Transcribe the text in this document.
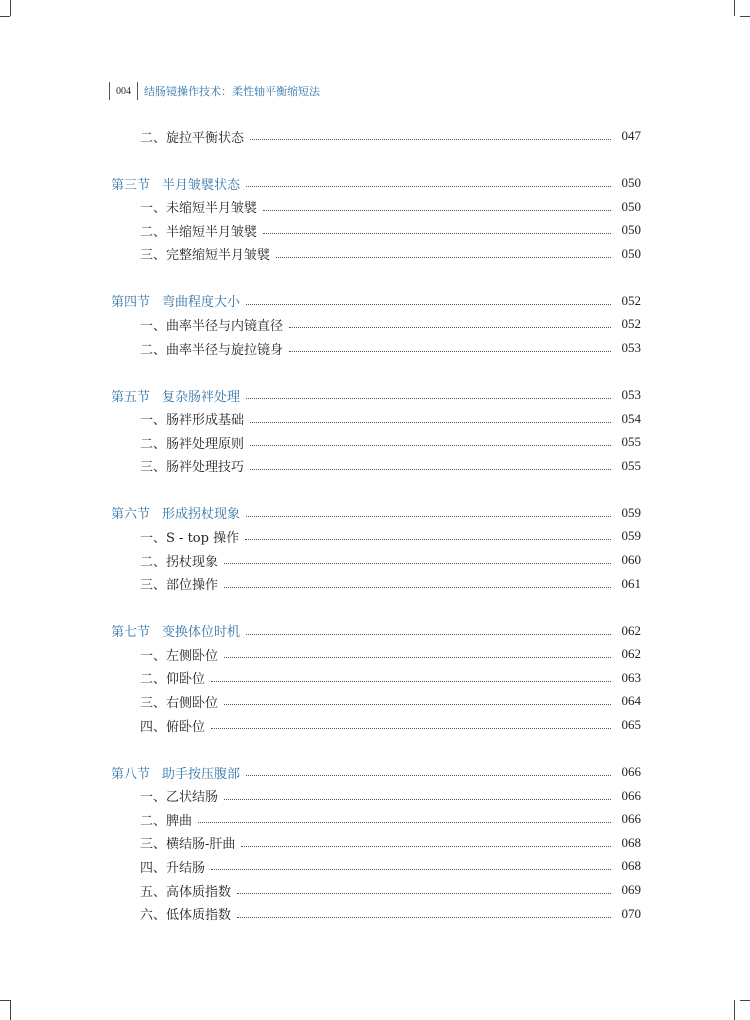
004 结肠镜操作技术：柔性轴平衡缩短法
二、旋拉平衡状态	047
第三节 半月皱襞状态	050
一、未缩短半月皱襞	050
二、半缩短半月皱襞	050
三、完整缩短半月皱襞	050
第四节 弯曲程度大小	052
一、曲率半径与内镜直径	052
二、曲率半径与旋拉镜身	053
第五节 复杂肠袢处理	053
一、肠袢形成基础	054
二、肠袢处理原则	055
三、肠袢处理技巧	055
第六节 形成拐杖现象	059
一、S - top 操作	059
二、拐杖现象	060
三、部位操作	061
第七节 变换体位时机	062
一、左侧卧位	062
二、仰卧位	063
三、右侧卧位	064
四、俯卧位	065
第八节 助手按压腹部	066
一、乙状结肠	066
二、脾曲	066
三、横结肠-肝曲	068
四、升结肠	068
五、高体质指数	069
六、低体质指数	070
